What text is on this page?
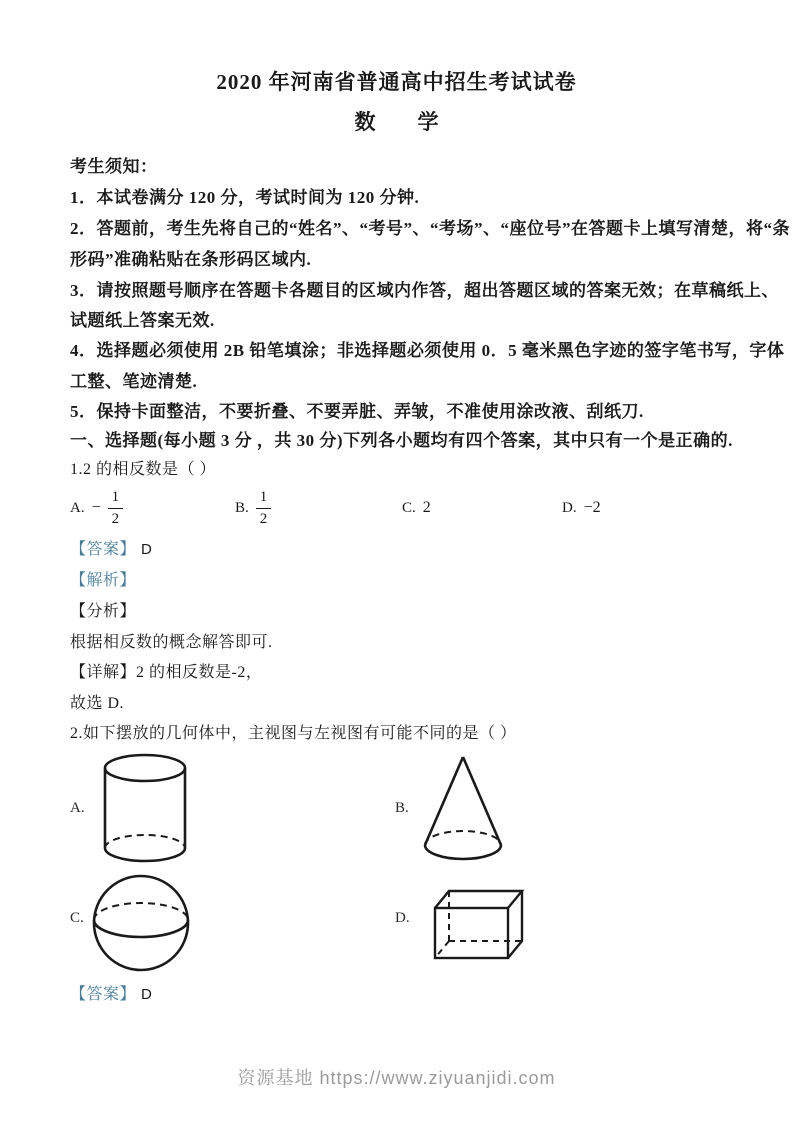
2020 年河南省普通高中招生考试试卷
数　　学
考生须知：
1．本试卷满分 120 分，考试时间为 120 分钟.
2．答题前，考生先将自己的“姓名”、“考号”、“考场”、“座位号”在答题卡上填写清楚，将“条
形码”准确粘贴在条形码区域内.
3．请按照题号顺序在答题卡各题目的区域内作答，超出答题区域的答案无效；在草稿纸上、
试题纸上答案无效.
4．选择题必须使用 2B 铅笔填涂；非选择题必须使用 0．5 毫米黑色字迹的签字笔书写，字体
工整、笔迹清楚.
5．保持卡面整洁，不要折叠、不要弄脏、弄皱，不准使用涂改液、刮纸刀.
一、选择题(每小题 3 分 ，共 30 分)下列各小题均有四个答案，其中只有一个是正确的.
1.2 的相反数是（ ）
A. − $\frac{1}{2}$	B. $\frac{1}{2}$	C. 2	D. −2
【答案】 D
【解析】
【分析】
根据相反数的概念解答即可.
【详解】2 的相反数是-2，
故选 D.
2.如下摆放的几何体中，主视图与左视图有可能不同的是（ ）
A.	B.
C.	D.
【答案】 D
资源基地 https://www.ziyuanjidi.com
